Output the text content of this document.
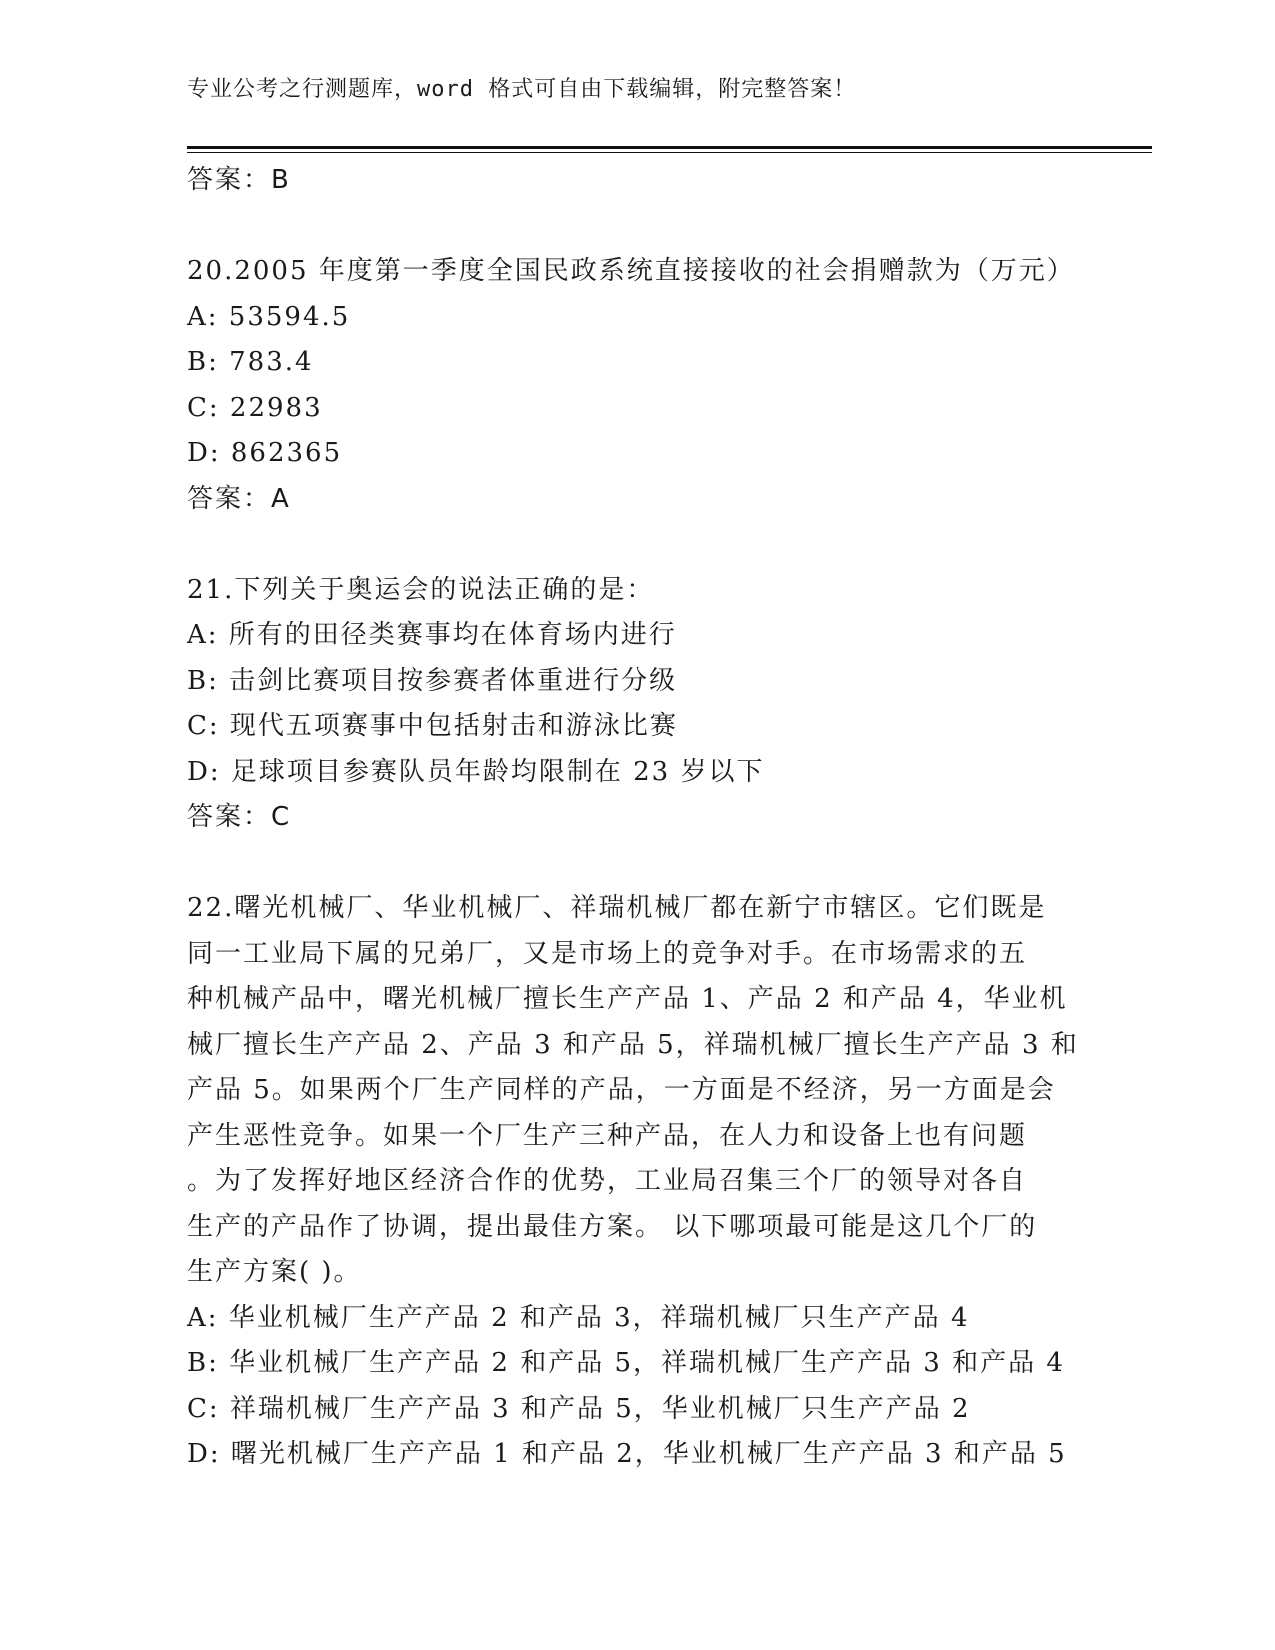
专业公考之行测题库，word 格式可自由下载编辑，附完整答案！
答案：B
20.2005 年度第一季度全国民政系统直接接收的社会捐赠款为（万元）
A: 53594.5
B: 783.4
C: 22983
D: 862365
答案：A
21.下列关于奥运会的说法正确的是：
A: 所有的田径类赛事均在体育场内进行
B: 击剑比赛项目按参赛者体重进行分级
C: 现代五项赛事中包括射击和游泳比赛
D: 足球项目参赛队员年龄均限制在 23 岁以下
答案：C
22.曙光机械厂、华业机械厂、祥瑞机械厂都在新宁市辖区。它们既是
同一工业局下属的兄弟厂，又是市场上的竞争对手。在市场需求的五
种机械产品中，曙光机械厂擅长生产产品 1、产品 2 和产品 4，华业机
械厂擅长生产产品 2、产品 3 和产品 5，祥瑞机械厂擅长生产产品 3 和
产品 5。如果两个厂生产同样的产品，一方面是不经济，另一方面是会
产生恶性竞争。如果一个厂生产三种产品，在人力和设备上也有问题
。为了发挥好地区经济合作的优势，工业局召集三个厂的领导对各自
生产的产品作了协调，提出最佳方案。 以下哪项最可能是这几个厂的
生产方案( )。
A: 华业机械厂生产产品 2 和产品 3，祥瑞机械厂只生产产品 4
B: 华业机械厂生产产品 2 和产品 5，祥瑞机械厂生产产品 3 和产品 4
C: 祥瑞机械厂生产产品 3 和产品 5，华业机械厂只生产产品 2
D: 曙光机械厂生产产品 1 和产品 2，华业机械厂生产产品 3 和产品 5
